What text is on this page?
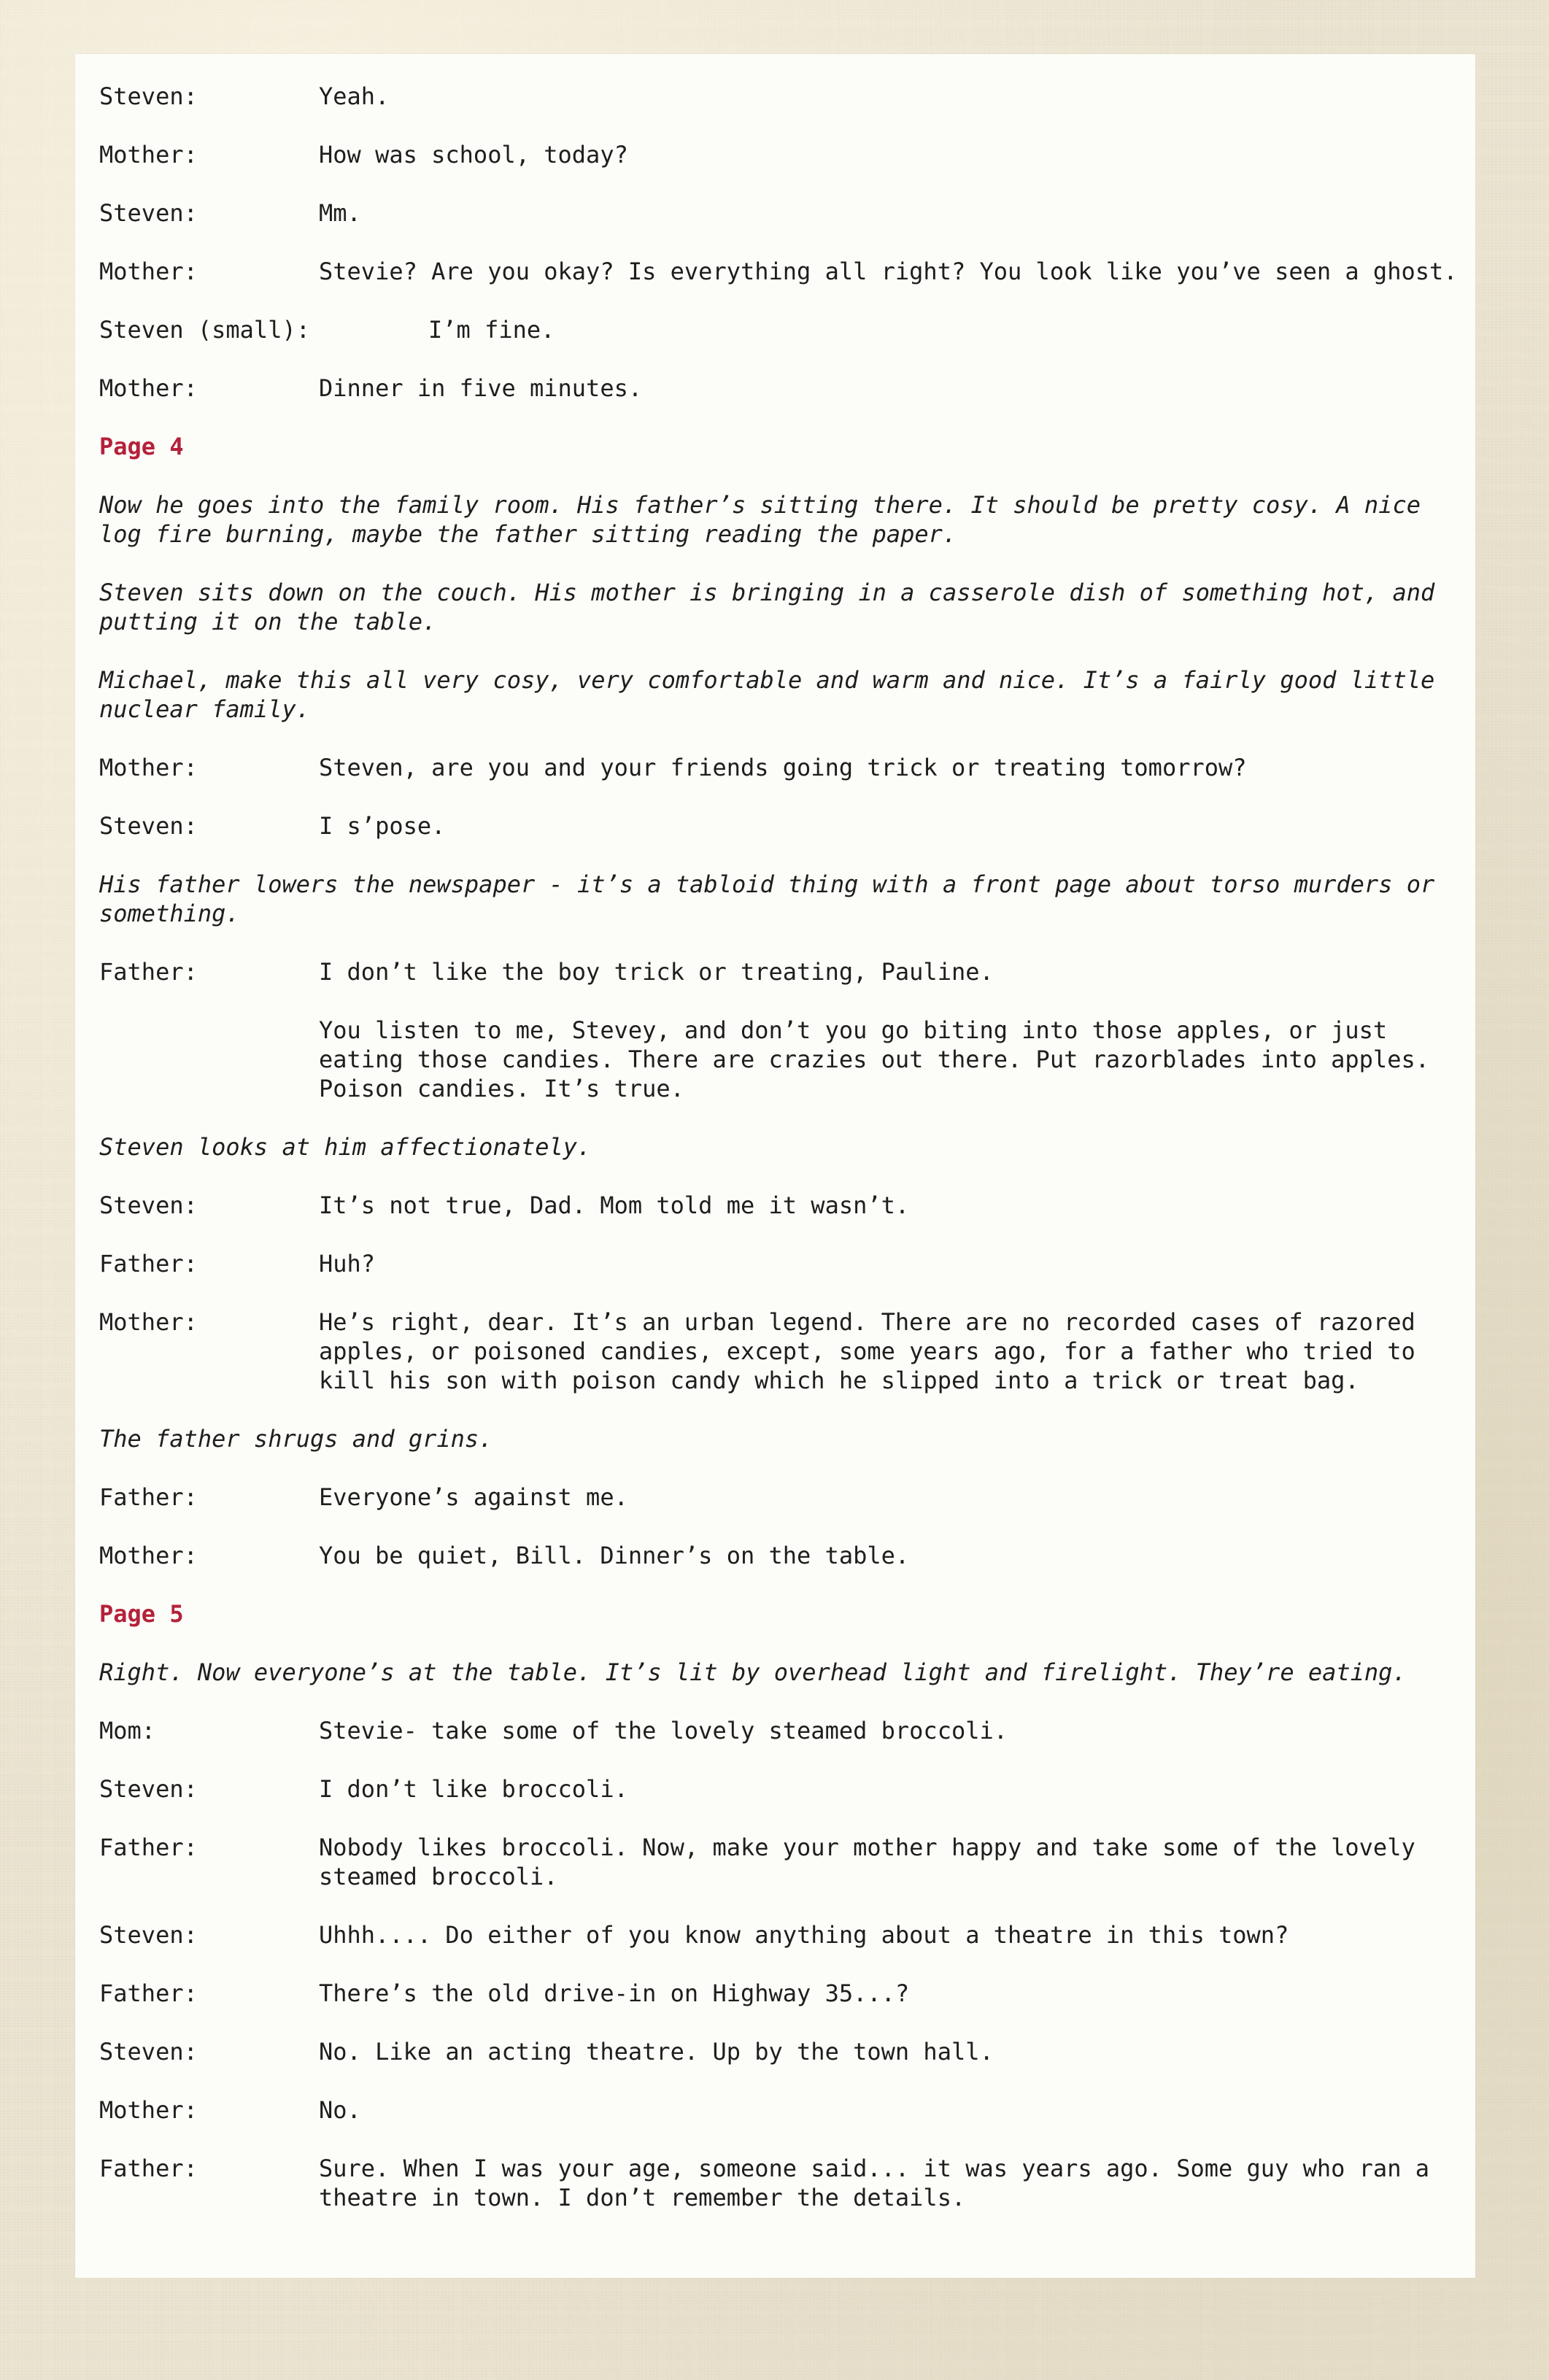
Steven:	Yeah.
Mother:	How was school, today?
Steven:	Mm.
Mother:	Stevie? Are you okay? Is everything all right? You look like you’ve seen a ghost.
Steven (small):	I’m fine.
Mother:	Dinner in five minutes.
Page 4
Now he goes into the family room. His father’s sitting there. It should be pretty cosy. A nice log fire burning, maybe the father sitting reading the paper.
Steven sits down on the couch. His mother is bringing in a casserole dish of something hot, and putting it on the table.
Michael, make this all very cosy, very comfortable and warm and nice. It’s a fairly good little nuclear family.
Mother:	Steven, are you and your friends going trick or treating tomorrow?
Steven:	I s’pose.
His father lowers the newspaper - it’s a tabloid thing with a front page about torso murders or something.
Father:	I don’t like the boy trick or treating, Pauline.
You listen to me, Stevey, and don’t you go biting into those apples, or just eating those candies. There are crazies out there. Put razorblades into apples. Poison candies. It’s true.
Steven looks at him affectionately.
Steven:	It’s not true, Dad. Mom told me it wasn’t.
Father:	Huh?
Mother:	He’s right, dear. It’s an urban legend. There are no recorded cases of razored apples, or poisoned candies, except, some years ago, for a father who tried to kill his son with poison candy which he slipped into a trick or treat bag.
The father shrugs and grins.
Father:	Everyone’s against me.
Mother:	You be quiet, Bill. Dinner’s on the table.
Page 5
Right. Now everyone’s at the table. It’s lit by overhead light and firelight. They’re eating.
Mom:	Stevie- take some of the lovely steamed broccoli.
Steven:	I don’t like broccoli.
Father:	Nobody likes broccoli. Now, make your mother happy and take some of the lovely steamed broccoli.
Steven:	Uhhh.... Do either of you know anything about a theatre in this town?
Father:	There’s the old drive-in on Highway 35...?
Steven:	No. Like an acting theatre. Up by the town hall.
Mother:	No.
Father:	Sure. When I was your age, someone said... it was years ago. Some guy who ran a theatre in town. I don’t remember the details.
